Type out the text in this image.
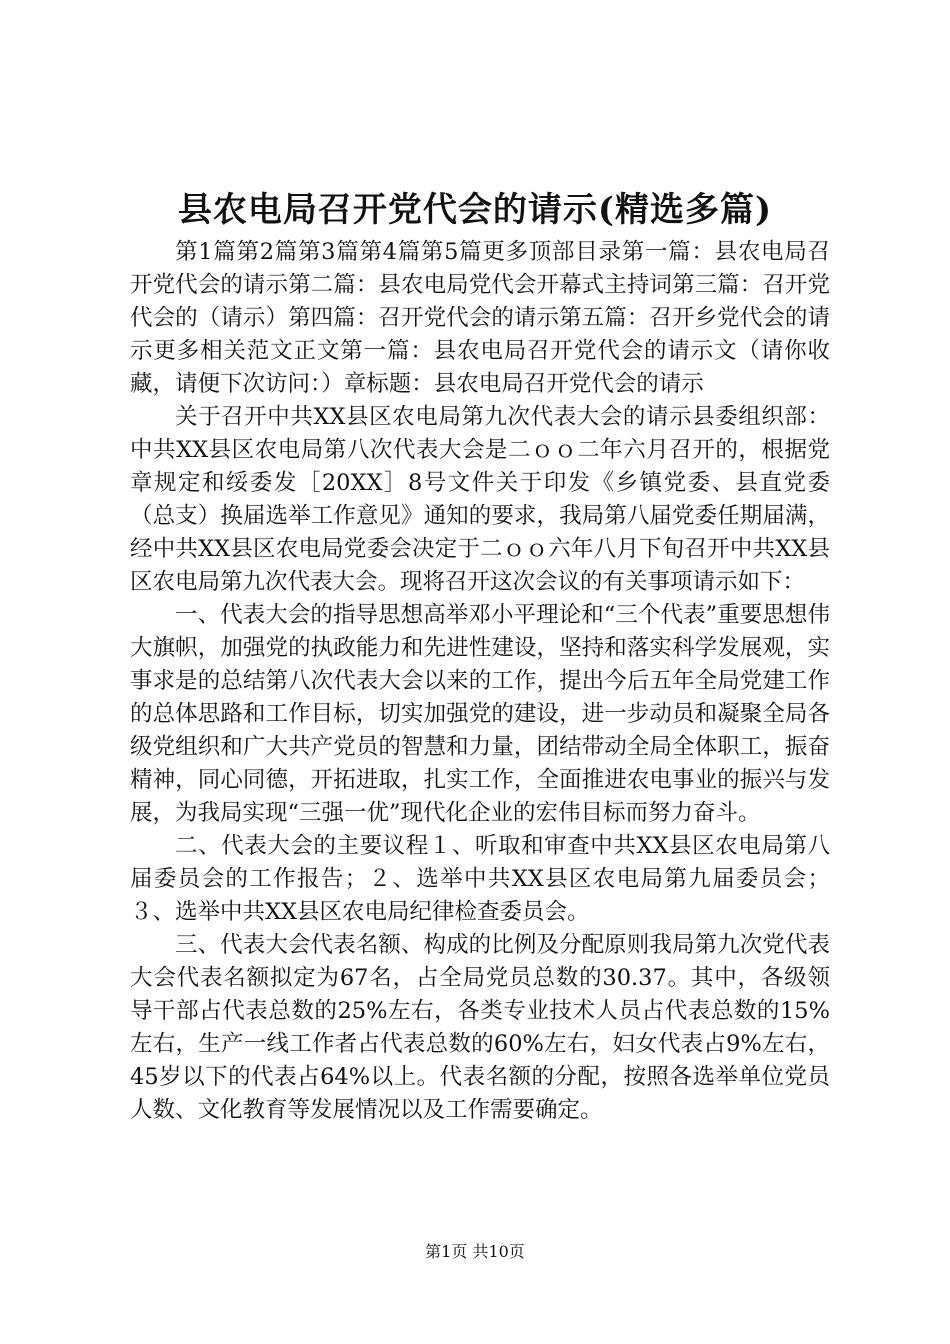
县农电局召开党代会的请示(精选多篇)

第1篇第2篇第3篇第4篇第5篇更多顶部目录第一篇：县农电局召开党代会的请示第二篇：县农电局党代会开幕式主持词第三篇：召开党代会的（请示）第四篇：召开党代会的请示第五篇：召开乡党代会的请示更多相关范文正文第一篇：县农电局召开党代会的请示文（请你收藏，请便下次访问：）章标题：县农电局召开党代会的请示

关于召开中共XX县区农电局第九次代表大会的请示县委组织部：中共XX县区农电局第八次代表大会是二ｏｏ二年六月召开的，根据党章规定和绥委发［20XX］8号文件关于印发《乡镇党委、县直党委（总支）换届选举工作意见》通知的要求，我局第八届党委任期届满，经中共XX县区农电局党委会决定于二ｏｏ六年八月下旬召开中共XX县区农电局第九次代表大会。现将召开这次会议的有关事项请示如下：

一、代表大会的指导思想高举邓小平理论和“三个代表”重要思想伟大旗帜，加强党的执政能力和先进性建设，坚持和落实科学发展观，实事求是的总结第八次代表大会以来的工作，提出今后五年全局党建工作的总体思路和工作目标，切实加强党的建设，进一步动员和凝聚全局各级党组织和广大共产党员的智慧和力量，团结带动全局全体职工，振奋精神，同心同德，开拓进取，扎实工作，全面推进农电事业的振兴与发展，为我局实现“三强一优”现代化企业的宏伟目标而努力奋斗。

二、代表大会的主要议程１、听取和审查中共XX县区农电局第八届委员会的工作报告；２、选举中共XX县区农电局第九届委员会；３、选举中共XX县区农电局纪律检查委员会。

三、代表大会代表名额、构成的比例及分配原则我局第九次党代表大会代表名额拟定为67名，占全局党员总数的30.37。其中，各级领导干部占代表总数的25%左右，各类专业技术人员占代表总数的15%左右，生产一线工作者占代表总数的60%左右，妇女代表占9%左右，45岁以下的代表占64%以上。代表名额的分配，按照各选举单位党员人数、文化教育等发展情况以及工作需要确定。

第1页 共10页
